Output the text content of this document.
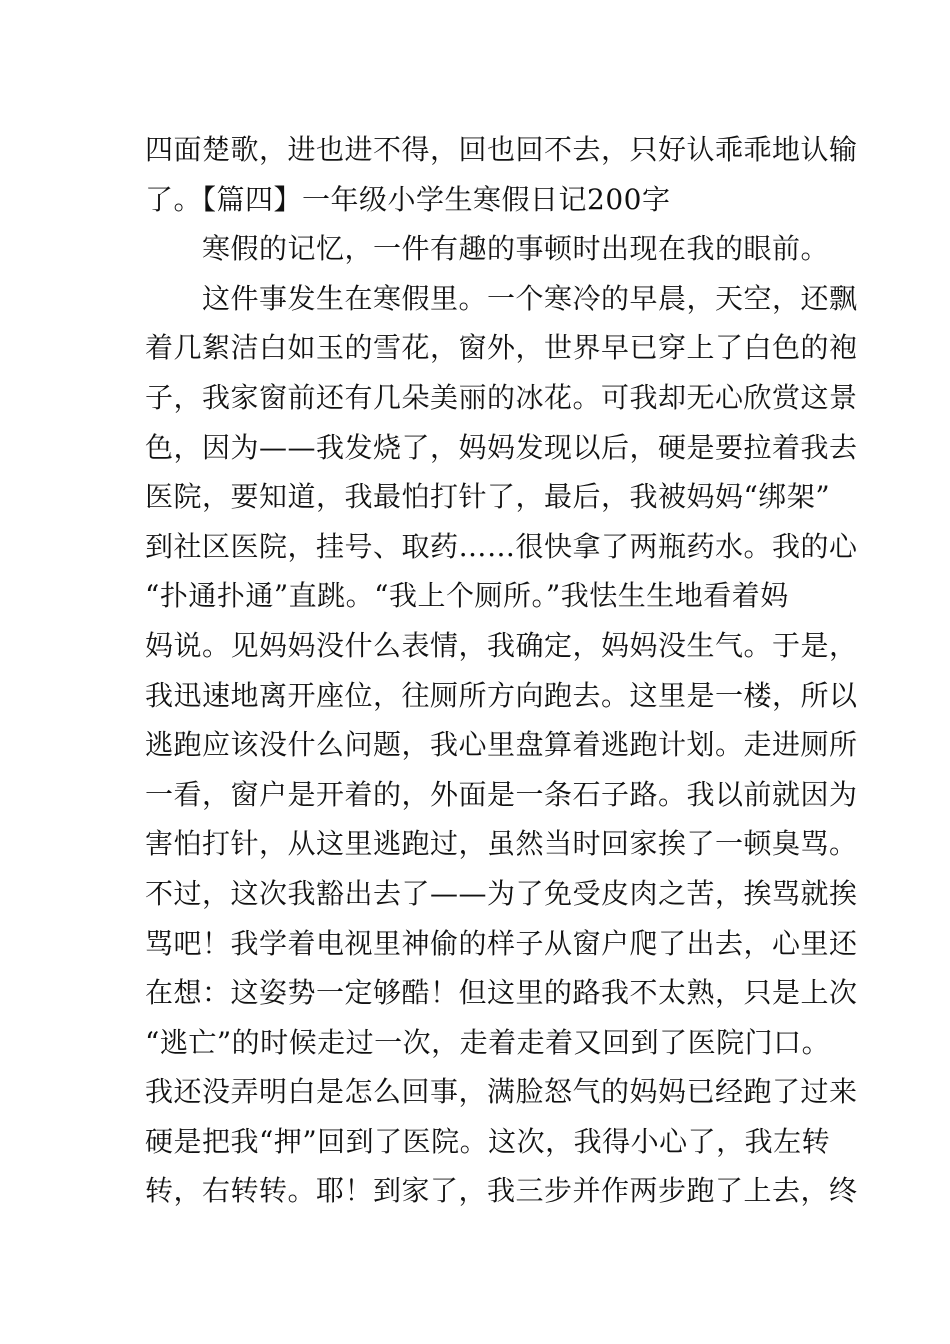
四面楚歌，进也进不得，回也回不去，只好认乖乖地认输
了。【篇四】一年级小学生寒假日记200字
　　寒假的记忆，一件有趣的事顿时出现在我的眼前。
　　这件事发生在寒假里。一个寒冷的早晨，天空，还飘
着几絮洁白如玉的雪花，窗外，世界早已穿上了白色的袍
子，我家窗前还有几朵美丽的冰花。可我却无心欣赏这景
色，因为——我发烧了，妈妈发现以后，硬是要拉着我去
医院，要知道，我最怕打针了，最后，我被妈妈“绑架”
到社区医院，挂号、取药……很快拿了两瓶药水。我的心
“扑通扑通”直跳。“我上个厕所。”我怯生生地看着妈
妈说。见妈妈没什么表情，我确定，妈妈没生气。于是，
我迅速地离开座位，往厕所方向跑去。这里是一楼，所以
逃跑应该没什么问题，我心里盘算着逃跑计划。走进厕所
一看，窗户是开着的，外面是一条石子路。我以前就因为
害怕打针，从这里逃跑过，虽然当时回家挨了一顿臭骂。
不过，这次我豁出去了——为了免受皮肉之苦，挨骂就挨
骂吧！我学着电视里神偷的样子从窗户爬了出去，心里还
在想：这姿势一定够酷！但这里的路我不太熟，只是上次
“逃亡”的时候走过一次，走着走着又回到了医院门口。
我还没弄明白是怎么回事，满脸怒气的妈妈已经跑了过来
硬是把我“押”回到了医院。这次，我得小心了，我左转
转，右转转。耶！到家了，我三步并作两步跑了上去，终
